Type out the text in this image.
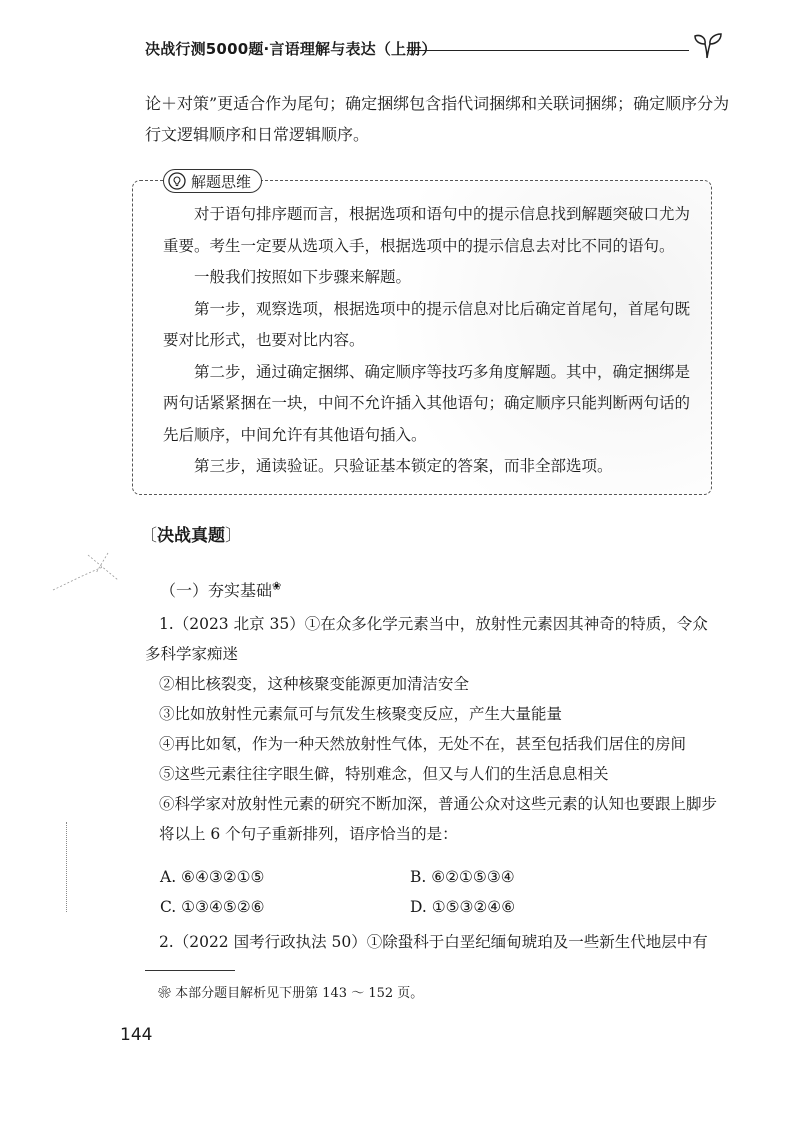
决战行测5000题·言语理解与表达（上册）

论＋对策”更适合作为尾句；确定捆绑包含指代词捆绑和关联词捆绑；确定顺序分为

行文逻辑顺序和日常逻辑顺序。

解题思维

对于语句排序题而言，根据选项和语句中的提示信息找到解题突破口尤为重要。考生一定要从选项入手，根据选项中的提示信息去对比不同的语句。

一般我们按照如下步骤来解题。

第一步，观察选项，根据选项中的提示信息对比后确定首尾句，首尾句既要对比形式，也要对比内容。

第二步，通过确定捆绑、确定顺序等技巧多角度解题。其中，确定捆绑是两句话紧紧捆在一块，中间不允许插入其他语句；确定顺序只能判断两句话的先后顺序，中间允许有其他语句插入。

第三步，通读验证。只验证基本锁定的答案，而非全部选项。

〔决战真题〕
（一）夯实基础❀

1.（2023 北京 35）①在众多化学元素当中，放射性元素因其神奇的特质，令众多科学家痴迷

②相比核裂变，这种核聚变能源更加清洁安全

③比如放射性元素氚可与氘发生核聚变反应，产生大量能量

④再比如氡，作为一种天然放射性气体，无处不在，甚至包括我们居住的房间

⑤这些元素往往字眼生僻，特别难念，但又与人们的生活息息相关

⑥科学家对放射性元素的研究不断加深，普通公众对这些元素的认知也要跟上脚步

将以上 6 个句子重新排列，语序恰当的是：

A. ⑥④③②①⑤	B. ⑥②①⑤③④
C. ①③④⑤②⑥	D. ①⑤③②④⑥

2.（2022 国考行政执法 50）①除蛩科于白垩纪缅甸琥珀及一些新生代地层中有

❀ 本部分题目解析见下册第 143 ～ 152 页。
144
